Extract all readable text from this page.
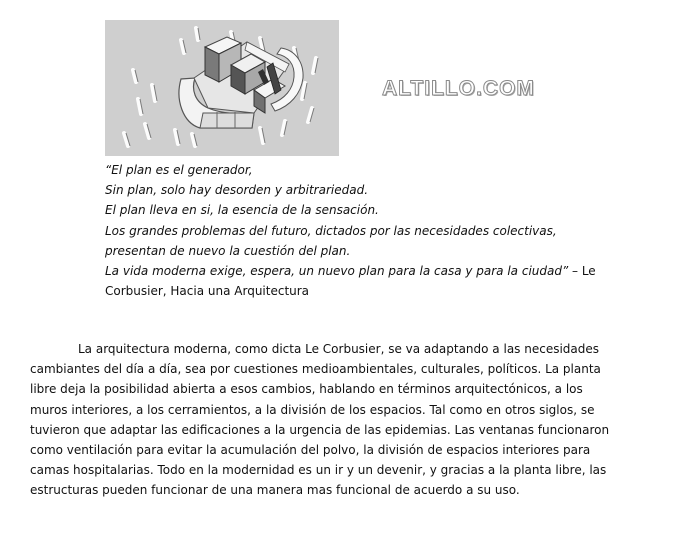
ALTILLO.COM
“El plan es el generador,
Sin plan, solo hay desorden y arbitrariedad.
El plan lleva en si, la esencia de la sensación.
Los grandes problemas del futuro, dictados por las necesidades colectivas,
presentan de nuevo la cuestión del plan.
La vida moderna exige, espera, un nuevo plan para la casa y para la ciudad” – Le
Corbusier, Hacia una Arquitectura
La arquitectura moderna, como dicta Le Corbusier, se va adaptando a las necesidades
cambiantes del día a día, sea por cuestiones medioambientales, culturales, políticos. La planta
libre deja la posibilidad abierta a esos cambios, hablando en términos arquitectónicos, a los
muros interiores, a los cerramientos, a la división de los espacios. Tal como en otros siglos, se
tuvieron que adaptar las edificaciones a la urgencia de las epidemias. Las ventanas funcionaron
como ventilación para evitar la acumulación del polvo, la división de espacios interiores para
camas hospitalarias. Todo en la modernidad es un ir y un devenir, y gracias a la planta libre, las
estructuras pueden funcionar de una manera mas funcional de acuerdo a su uso.
